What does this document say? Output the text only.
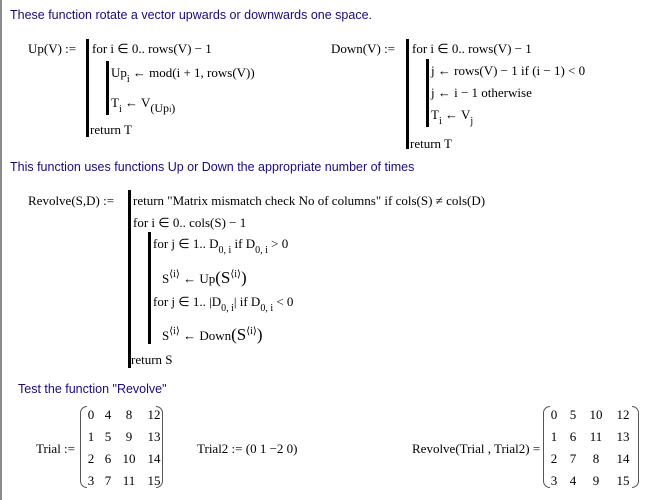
These function rotate a vector upwards or downwards one space.
Up(V) := for i ∈ 0.. rows(V) − 1
$Up_i$ ← mod(i + 1, rows(V))
$T_i$ ← V(Upi)
return T
Down(V) := for i ∈ 0.. rows(V) − 1
j ← rows(V) − 1 if (i − 1) < 0
j ← i − 1 otherwise
$T_i$ ← $V_j$
return T
This function uses functions Up or Down the appropriate number of times
Revolve(S,D) := return "Matrix mismatch check No of columns" if cols(S) ≠ cols(D)
for i ∈ 0.. cols(S) − 1
for j ∈ 1.. $D_{0, i}$ if $D_{0, i} > 0$
$S^{⟨i⟩}$ ← $Up(S^{⟨i⟩})$
for j ∈ 1.. $|D_{0, i}|$ if $D_{0, i} < 0$
$S^{⟨i⟩}$ ← $Down(S^{⟨i⟩})$
return S
Test the function "Revolve"
Trial :=
0 4	8	12
1 5	9	13
2 6 10 14
3 7 11 15
Trial2 := (0 1 −2 0)	Revolve(Trial , Trial2) =
0 5	10	12
1 6	11	13
2 7	8	14
3 4	9	15
